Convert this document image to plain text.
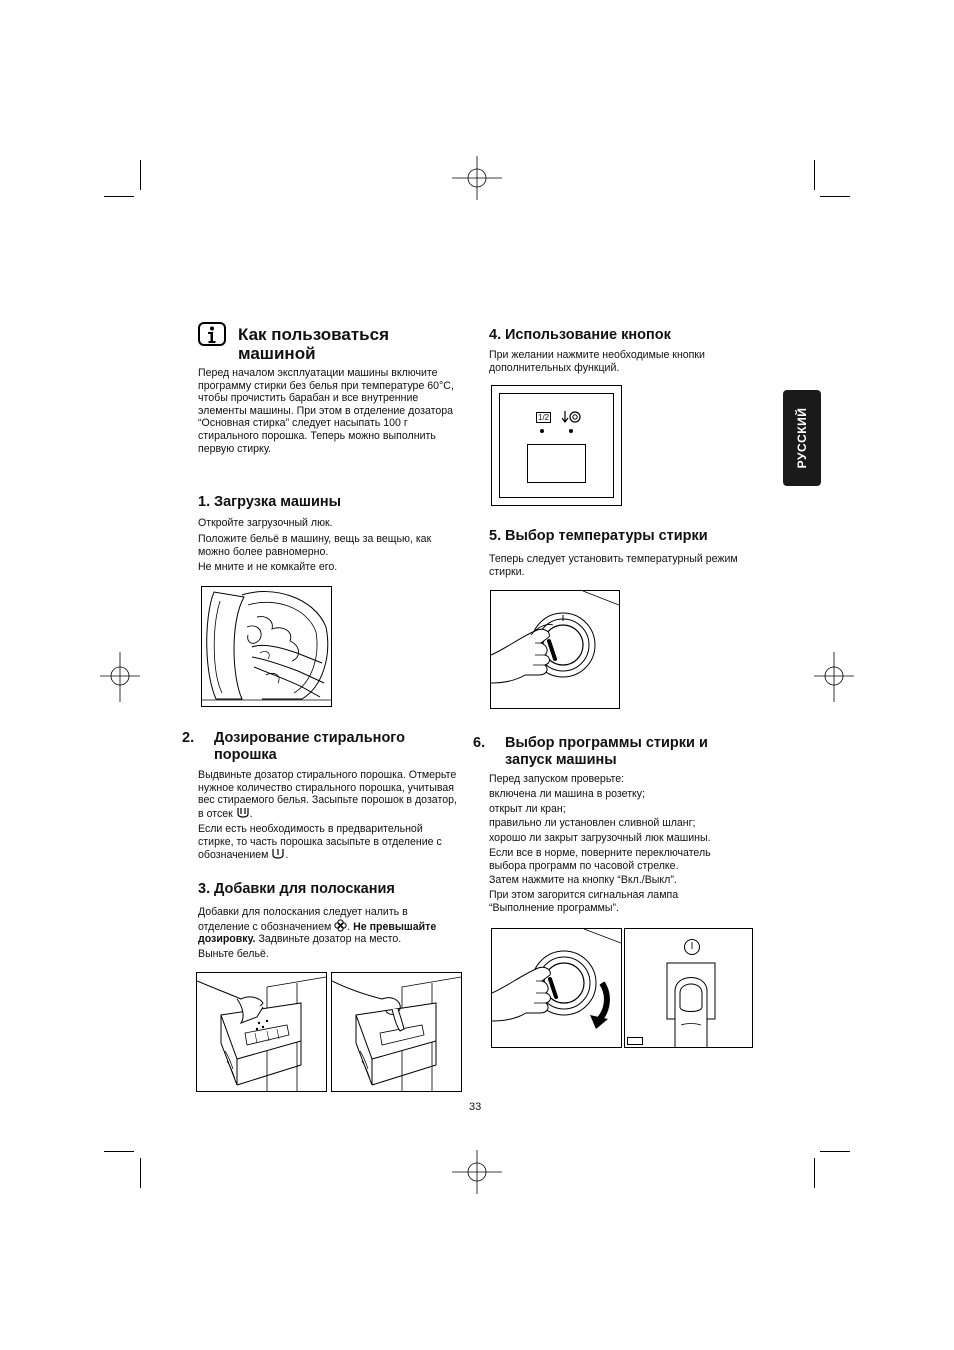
РУССКИЙ
Как пользоваться
машиной

Перед началом эксплуатации машины включите программу стирки без белья при температуре 60°C, чтобы прочистить барабан и все внутренние элементы машины. При этом в отделение дозатора “Основная стирка” следует насыпать 100 г стирального порошка. Теперь можно выполнить первую стирку.

1. Загрузка машины

Откройте загрузочный люк.

Положите бельё в машину, вещь за вещью, как можно более равномерно.

Не мните и не комкайте его.

2. Дозирование стирального
порошка

Выдвиньте дозатор стирального порошка. Отмерьте нужное количество стирального порошка, учитывая вес стираемого белья. Засыпьте порошок в дозатор, в отсек .

Если есть необходимость в предварительной стирке, то часть порошка засыпьте в отделение с обозначением .

3. Добавки для полоскания

Добавки для полоскания следует налить в отделение с обозначением . Не превышайте дозировку. Задвиньте дозатор на место.

Выньте бельё.

4. Использование кнопок

При желании нажмите необходимые кнопки дополнительных функций.

1/2
5. Выбор температуры стирки

Теперь следует установить температурный режим стирки.

6. Выбор программы стирки и
запуск машины

Перед запуском проверьте:

включена ли машина в розетку;

открыт ли кран;

правильно ли установлен сливной шланг;

хорошо ли закрыт загрузочный люк машины.

Если все в норме, поверните переключатель выбора программ по часовой стрелке.

Затем нажмите на кнопку “Вкл./Выкл”.

При этом загорится сигнальная лампа “Выполнение программы”.

I
33
